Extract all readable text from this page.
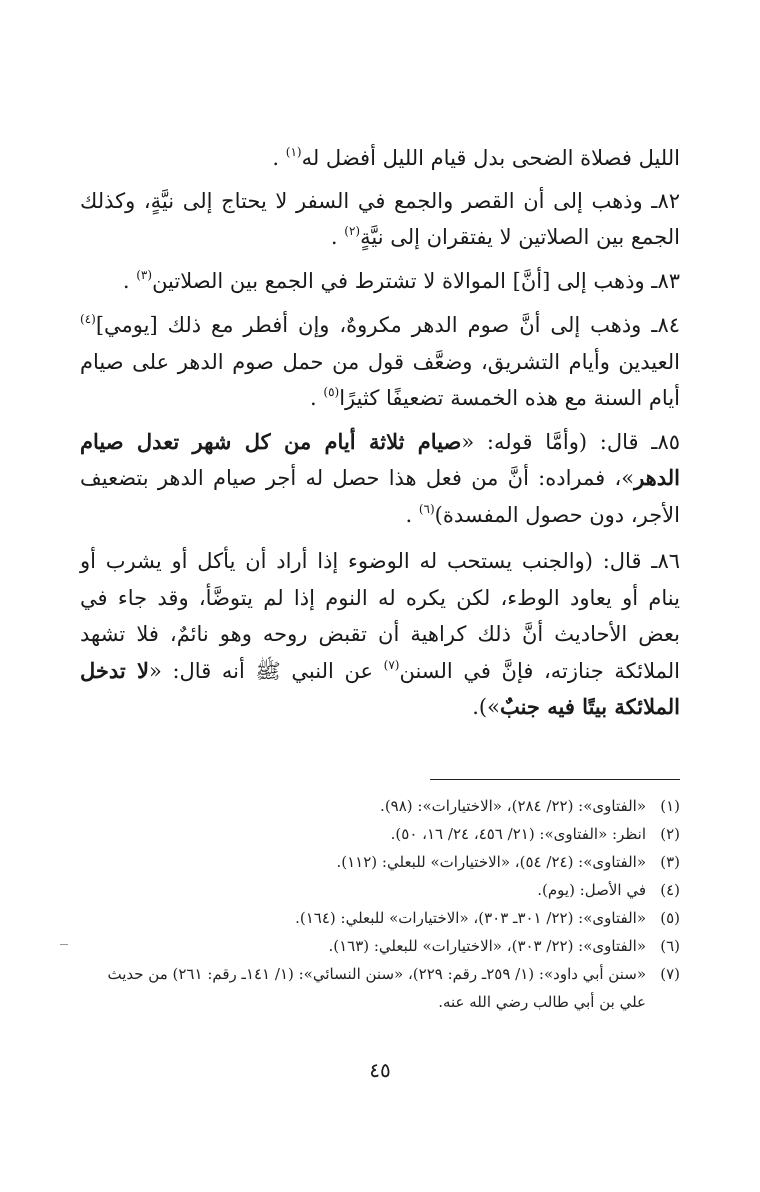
الليل فصلاة الضحى بدل قيام الليل أفضل له$^{(١)}$ .

٨٢ـ وذهب إلى أن القصر والجمع في السفر لا يحتاج إلى نيَّةٍ، وكذلك الجمع بين الصلاتين لا يفتقران إلى نيَّةٍ$^{(٢)}$ .

٨٣ـ وذهب إلى [أنَّ] الموالاة لا تشترط في الجمع بين الصلاتين$^{(٣)}$ .

٨٤ـ وذهب إلى أنَّ صوم الدهر مكروهٌ، وإن أفطر مع ذلك [يومي]$^{(٤)}$ العيدين وأيام التشريق، وضعَّف قول من حمل صوم الدهر على صيام أيام السنة مع هذه الخمسة تضعيفًا كثيرًا$^{(٥)}$ .

٨٥ـ قال: (وأمَّا قوله: «صيام ثلاثة أيام من كل شهر تعدل صيام الدهر»، فمراده: أنَّ من فعل هذا حصل له أجر صيام الدهر بتضعيف الأجر، دون حصول المفسدة)$^{(٦)}$ .

٨٦ـ قال: (والجنب يستحب له الوضوء إذا أراد أن يأكل أو يشرب أو ينام أو يعاود الوطء، لكن يكره له النوم إذا لم يتوضَّأ، وقد جاء في بعض الأحاديث أنَّ ذلك كراهية أن تقبض روحه وهو نائمٌ، فلا تشهد الملائكة جنازته، فإنَّ في السنن$^{(٧)}$ عن النبي ﷺ أنه قال: «لا تدخل الملائكة بيتًا فيه جنبٌ»).

(١)
«الفتاوى»: (٢٢/ ٢٨٤)، «الاختيارات»: (٩٨).
(٢)
انظر: «الفتاوى»: (٢١/ ٤٥٦، ٢٤/ ١٦، ٥٠).
(٣)
«الفتاوى»: (٢٤/ ٥٤)، «الاختيارات» للبعلي: (١١٢).
(٤)
في الأصل: (يوم).
(٥)
«الفتاوى»: (٢٢/ ٣٠١ـ ٣٠٣)، «الاختيارات» للبعلي: (١٦٤).
(٦)
«الفتاوى»: (٢٢/ ٣٠٣)، «الاختيارات» للبعلي: (١٦٣).
(٧)
«سنن أبي داود»: (١/ ٢٥٩ـ رقم: ٢٢٩)، «سنن النسائي»: (١/ ١٤١ـ رقم: ٢٦١) من حديث علي بن أبي طالب رضي الله عنه.
٤٥
